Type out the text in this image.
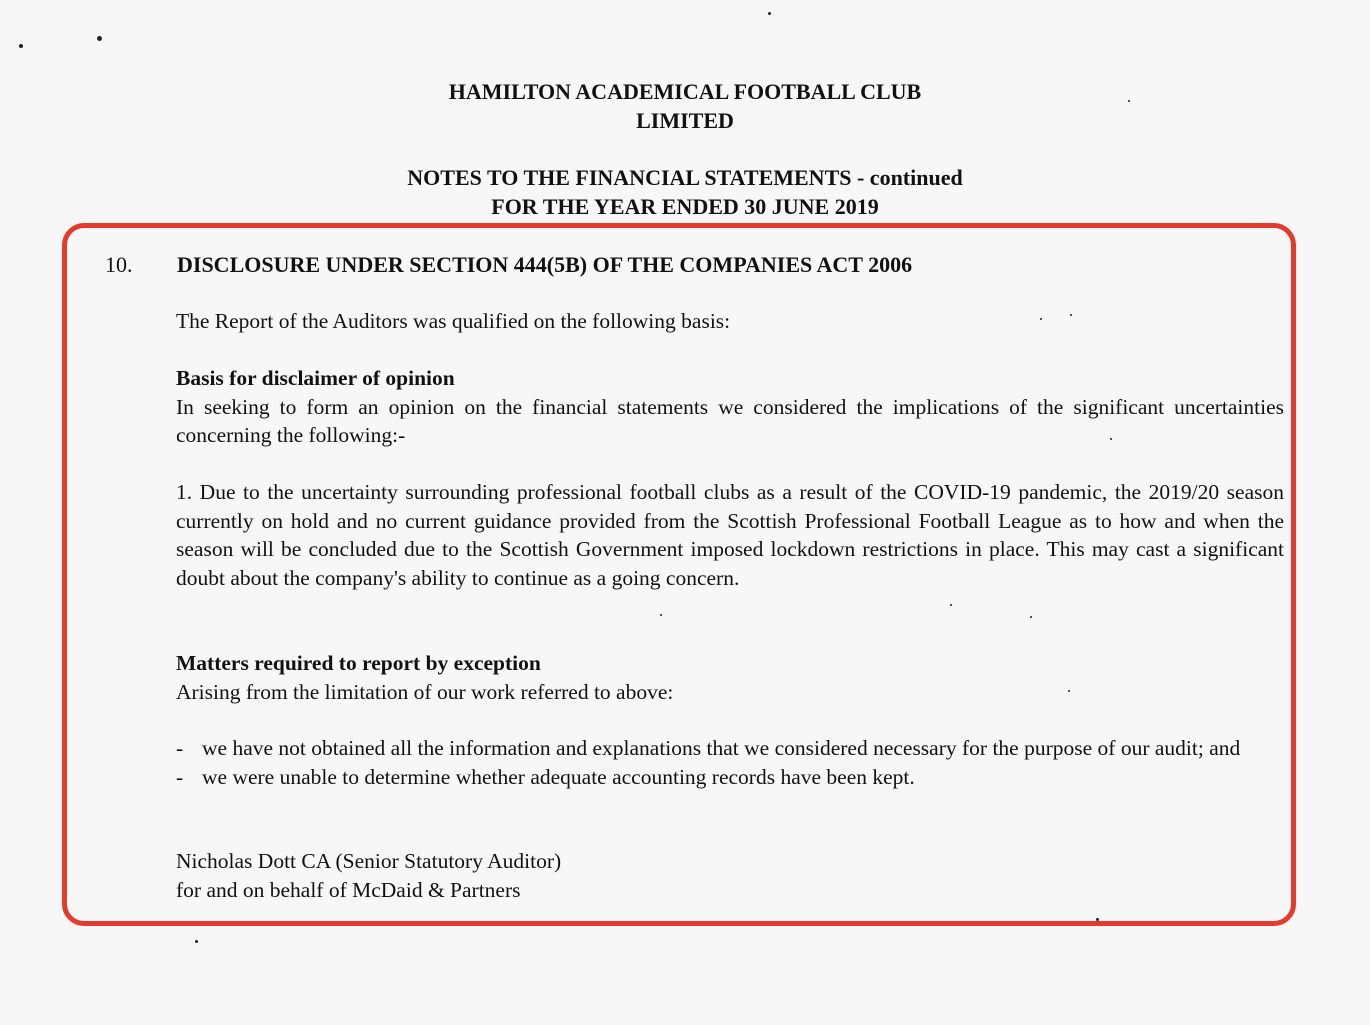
HAMILTON ACADEMICAL FOOTBALL CLUB
LIMITED
NOTES TO THE FINANCIAL STATEMENTS - continued
FOR THE YEAR ENDED 30 JUNE 2019
10. DISCLOSURE UNDER SECTION 444(5B) OF THE COMPANIES ACT 2006
The Report of the Auditors was qualified on the following basis:
Basis for disclaimer of opinion
In seeking to form an opinion on the financial statements we considered the implications of the significant uncertainties concerning the following:-
1. Due to the uncertainty surrounding professional football clubs as a result of the COVID-19 pandemic, the 2019/20 season currently on hold and no current guidance provided from the Scottish Professional Football League as to how and when the season will be concluded due to the Scottish Government imposed lockdown restrictions in place. This may cast a significant doubt about the company's ability to continue as a going concern.
Matters required to report by exception
Arising from the limitation of our work referred to above:
- we have not obtained all the information and explanations that we considered necessary for the purpose of our audit; and
- we were unable to determine whether adequate accounting records have been kept.
Nicholas Dott CA (Senior Statutory Auditor)
for and on behalf of McDaid & Partners
